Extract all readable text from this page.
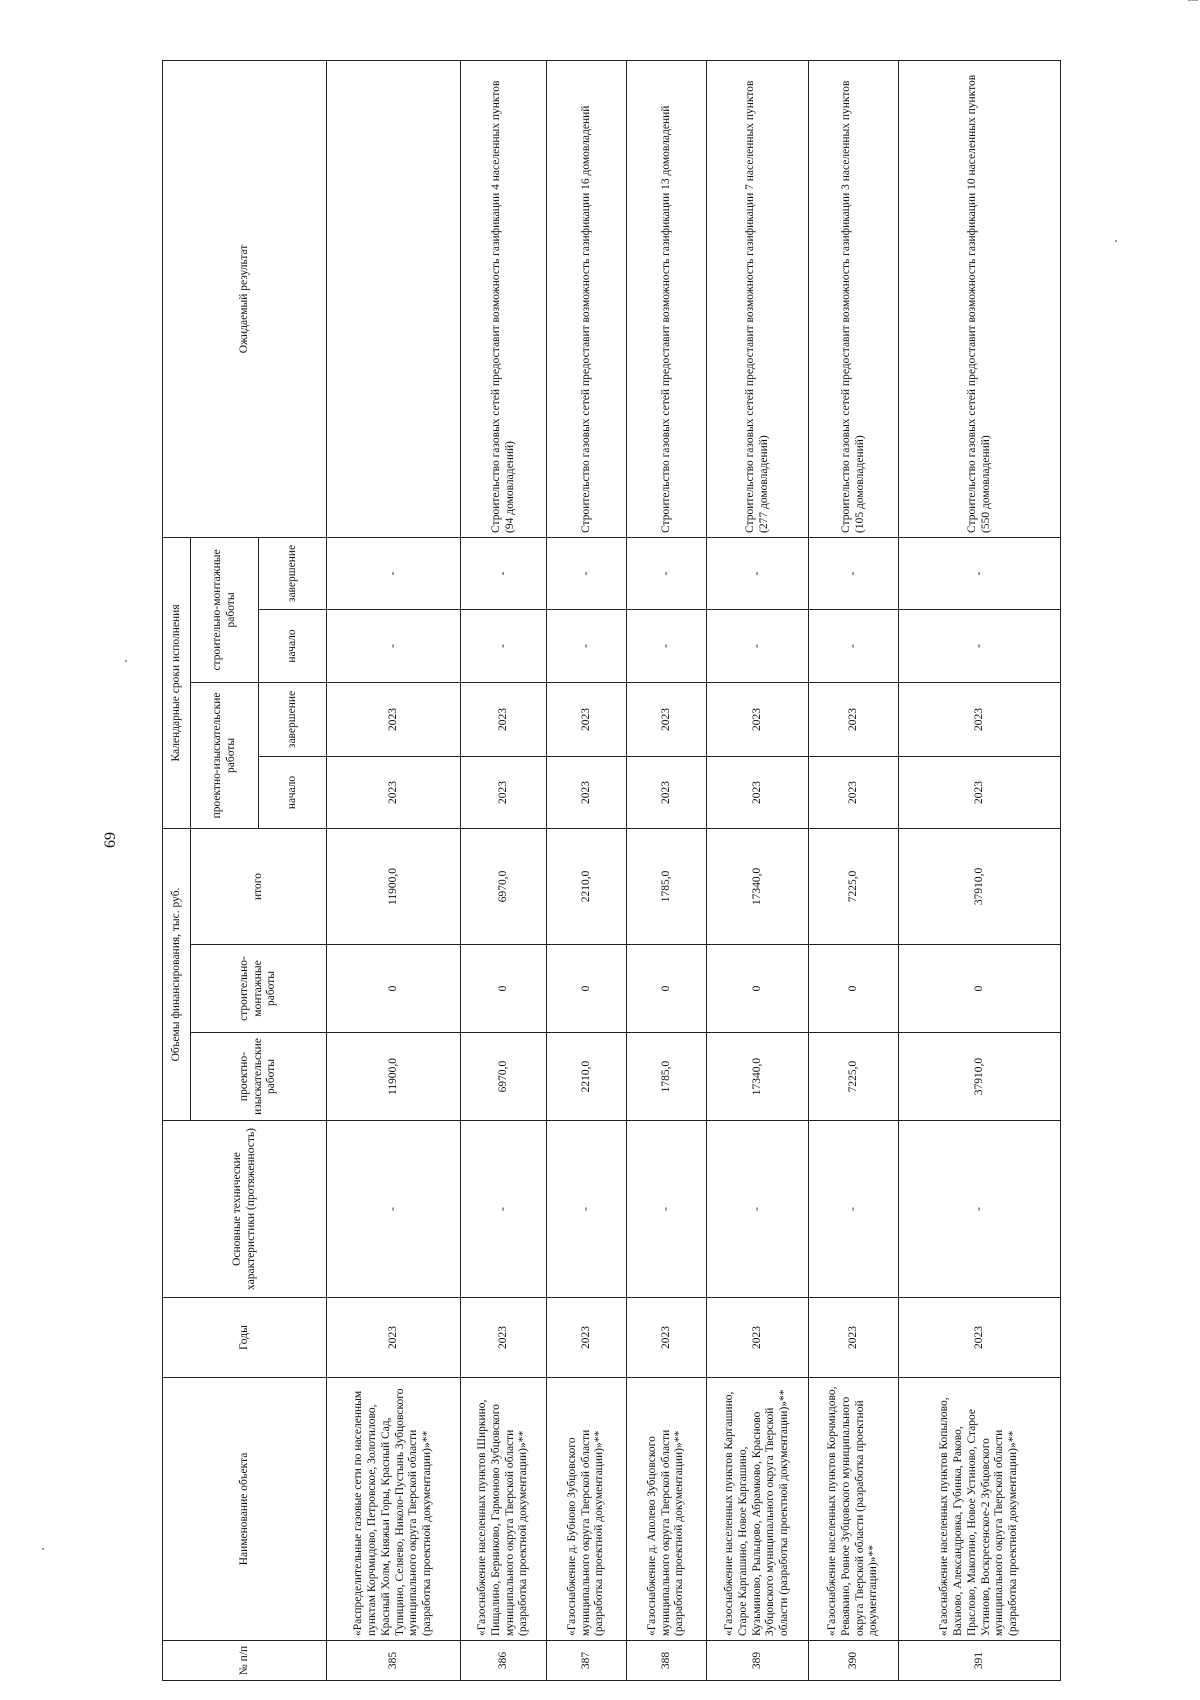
69
№ п/п	Наименование объекта	Годы	Основные технические характеристики (протяженность)	Объемы финансирования, тыс. руб.			Календарные сроки исполнения				Ожидаемый результат
				проектно-изыскательские работы	строительно-монтажные работы	итого	проектно-изыскательские работы		строительно-монтажные работы		
							начало	завершение	начало	завершение	
385	«Распределительные газовые сети по населенным пунктам Корчмидово, Петровское, Золотилово, Красный Холм, Княжьи Горы, Красный Сад, Тупицино, Селяево, Николо-Пустынь Зубцовского муниципального округа Тверской области (разработка проектной документации)»**	2023	-	11900,0	0	11900,0	2023	2023	-	-	
386	«Газоснабжение населенных пунктов Ширкино, Пищалино, Берниково, Гармоново Зубцовского муниципального округа Тверской области (разработка проектной документации)»**	2023	-	6970,0	0	6970,0	2023	2023	-	-	Строительство газовых сетей предоставит возможность газификации 4 населенных пунктов (94 домовладений)
387	«Газоснабжение д. Бубново Зубцовского муниципального округа Тверской области (разработка проектной документации)»**	2023	-	2210,0	0	2210,0	2023	2023	-	-	Строительство газовых сетей предоставит возможность газификации 16 домовладений
388	«Газоснабжение д. Аполево Зубцовского муниципального округа Тверской области (разработка проектной документации)»**	2023	-	1785,0	0	1785,0	2023	2023	-	-	Строительство газовых сетей предоставит возможность газификации 13 домовладений
389	«Газоснабжение населенных пунктов Каргашино, Старое Каргашино, Новое Каргашино, Кузьминово, Рыльцово, Абрамково, Красново Зубцовского муниципального округа Тверской области (разработка проектной документации)»**	2023	-	17340,0	0	17340,0	2023	2023	-	-	Строительство газовых сетей предоставит возможность газификации 7 населенных пунктов (277 домовладений)
390	«Газоснабжение населенных пунктов Корчмидово, Реваякино, Ровное Зубцовского муниципального округа Тверской области (разработка проектной документации)»**	2023	-	7225,0	0	7225,0	2023	2023	-	-	Строительство газовых сетей предоставит возможность газификации 3 населенных пунктов (105 домовладений)
391	«Газоснабжение населенных пунктов Копылово, Вахново, Александровка, Губинка, Раково, Праслово, Макотино, Новое Устиново, Старое Устиново, Воскресенское-2 Зубцовского муниципального округа Тверской области (разработка проектной документации)»**	2023	-	37910,0	0	37910,0	2023	2023	-	-	Строительство газовых сетей предоставит возможность газификации 10 населенных пунктов (550 домовладений)
